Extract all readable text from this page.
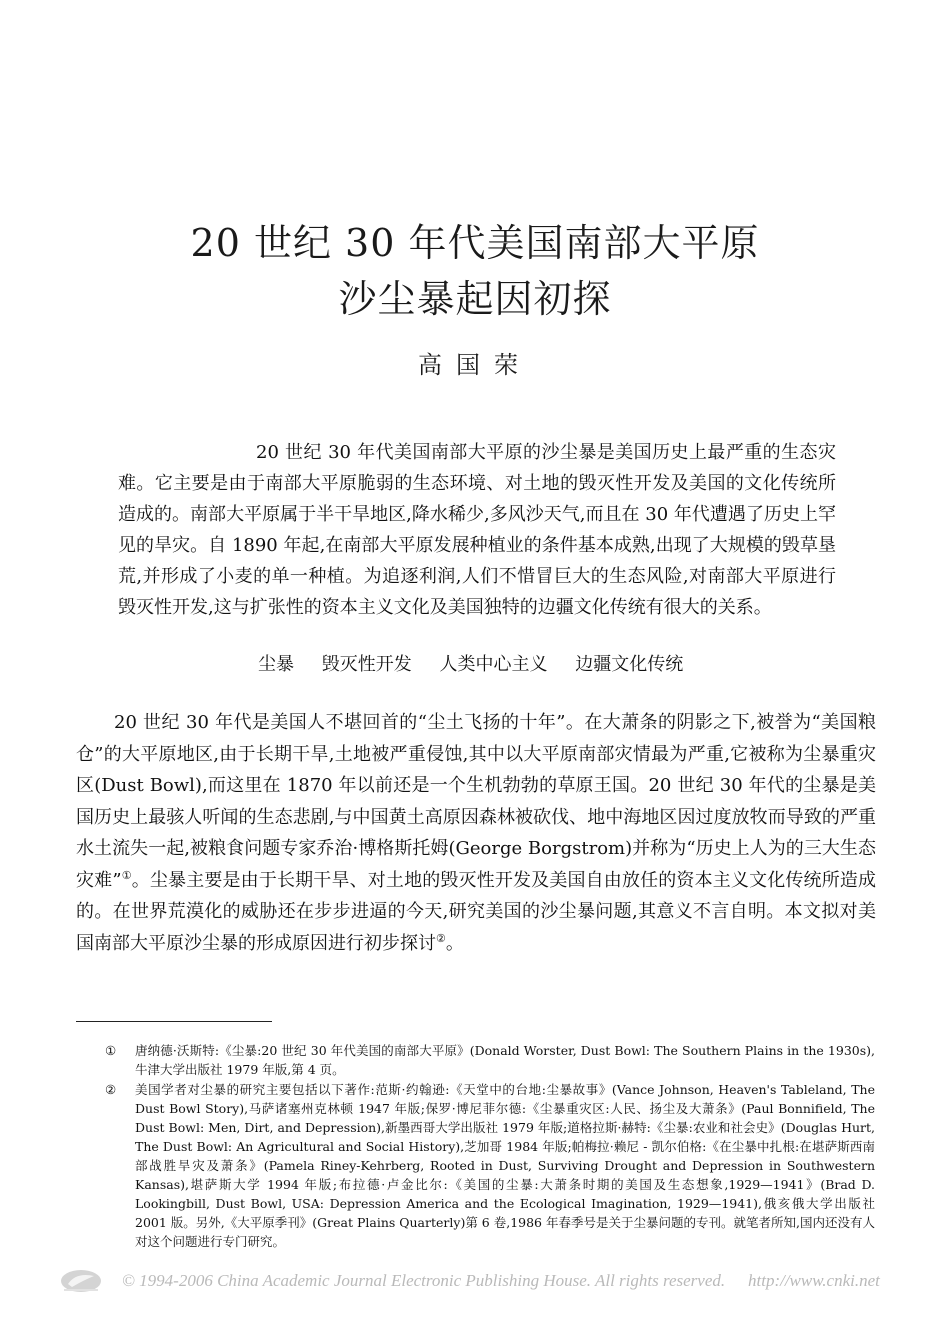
20 世纪 30 年代美国南部大平原
沙尘暴起因初探
高国荣
20 世纪 30 年代美国南部大平原的沙尘暴是美国历史上最严重的生态灾难。它主要是由于南部大平原脆弱的生态环境、对土地的毁灭性开发及美国的文化传统所造成的。南部大平原属于半干旱地区,降水稀少,多风沙天气,而且在 30 年代遭遇了历史上罕见的旱灾。自 1890 年起,在南部大平原发展种植业的条件基本成熟,出现了大规模的毁草垦荒,并形成了小麦的单一种植。为追逐利润,人们不惜冒巨大的生态风险,对南部大平原进行毁灭性开发,这与扩张性的资本主义文化及美国独特的边疆文化传统有很大的关系。
尘暴 毁灭性开发 人类中心主义 边疆文化传统
20 世纪 30 年代是美国人不堪回首的“尘土飞扬的十年”。在大萧条的阴影之下,被誉为“美国粮仓”的大平原地区,由于长期干旱,土地被严重侵蚀,其中以大平原南部灾情最为严重,它被称为尘暴重灾区(Dust Bowl),而这里在 1870 年以前还是一个生机勃勃的草原王国。20 世纪 30 年代的尘暴是美国历史上最骇人听闻的生态悲剧,与中国黄土高原因森林被砍伐、地中海地区因过度放牧而导致的严重水土流失一起,被粮食问题专家乔治·博格斯托姆(George Borgstrom)并称为“历史上人为的三大生态灾难”①。尘暴主要是由于长期干旱、对土地的毁灭性开发及美国自由放任的资本主义文化传统所造成的。在世界荒漠化的威胁还在步步进逼的今天,研究美国的沙尘暴问题,其意义不言自明。本文拟对美国南部大平原沙尘暴的形成原因进行初步探讨②。
① 唐纳德·沃斯特:《尘暴:20 世纪 30 年代美国的南部大平原》(Donald Worster, Dust Bowl: The Southern Plains in the 1930s),牛津大学出版社 1979 年版,第 4 页。
② 美国学者对尘暴的研究主要包括以下著作:范斯·约翰逊:《天堂中的台地:尘暴故事》(Vance Johnson, Heaven's Tableland, The Dust Bowl Story),马萨诸塞州克林顿 1947 年版;保罗·博尼菲尔德:《尘暴重灾区:人民、扬尘及大萧条》(Paul Bonnifield, The Dust Bowl: Men, Dirt, and Depression),新墨西哥大学出版社 1979 年版;道格拉斯·赫特:《尘暴:农业和社会史》(Douglas Hurt, The Dust Bowl: An Agricultural and Social History),芝加哥 1984 年版;帕梅拉·赖尼 - 凯尔伯格:《在尘暴中扎根:在堪萨斯西南部战胜旱灾及萧条》(Pamela Riney-Kehrberg, Rooted in Dust, Surviving Drought and Depression in Southwestern Kansas),堪萨斯大学 1994 年版;布拉德·卢金比尔:《美国的尘暴:大萧条时期的美国及生态想象,1929—1941》(Brad D. Lookingbill, Dust Bowl, USA: Depression America and the Ecological Imagination, 1929—1941),俄亥俄大学出版社 2001 版。另外,《大平原季刊》(Great Plains Quarterly)第 6 卷,1986 年春季号是关于尘暴问题的专刊。就笔者所知,国内还没有人对这个问题进行专门研究。
© 1994-2006 China Academic Journal Electronic Publishing House. All rights reserved. http://www.cnki.net
